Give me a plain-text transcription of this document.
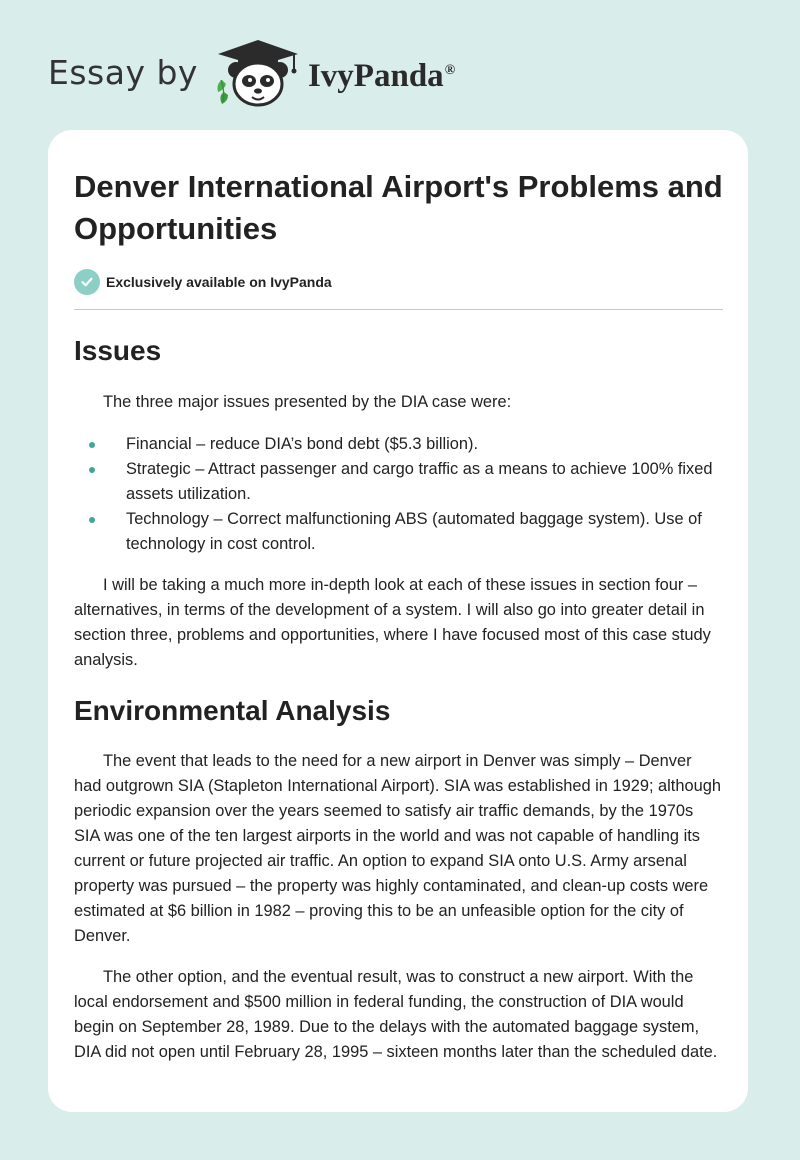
Essay by	IvyPanda®
Denver International Airport's Problems and Opportunities
Exclusively available on IvyPanda
Issues

The three major issues presented by the DIA case were:

Financial – reduce DIA’s bond debt ($5.3 billion).
Strategic – Attract passenger and cargo traffic as a means to achieve 100% fixed assets utilization.
Technology – Correct malfunctioning ABS (automated baggage system). Use of technology in cost control.

I will be taking a much more in-depth look at each of these issues in section four – alternatives, in terms of the development of a system. I will also go into greater detail in section three, problems and opportunities, where I have focused most of this case study analysis.

Environmental Analysis

The event that leads to the need for a new airport in Denver was simply – Denver had outgrown SIA (Stapleton International Airport). SIA was established in 1929; although periodic expansion over the years seemed to satisfy air traffic demands, by the 1970s SIA was one of the ten largest airports in the world and was not capable of handling its current or future projected air traffic. An option to expand SIA onto U.S. Army arsenal property was pursued – the property was highly contaminated, and clean-up costs were estimated at $6 billion in 1982 – proving this to be an unfeasible option for the city of Denver.

The other option, and the eventual result, was to construct a new airport. With the local endorsement and $500 million in federal funding, the construction of DIA would begin on September 28, 1989. Due to the delays with the automated baggage system, DIA did not open until February 28, 1995 – sixteen months later than the scheduled date.
